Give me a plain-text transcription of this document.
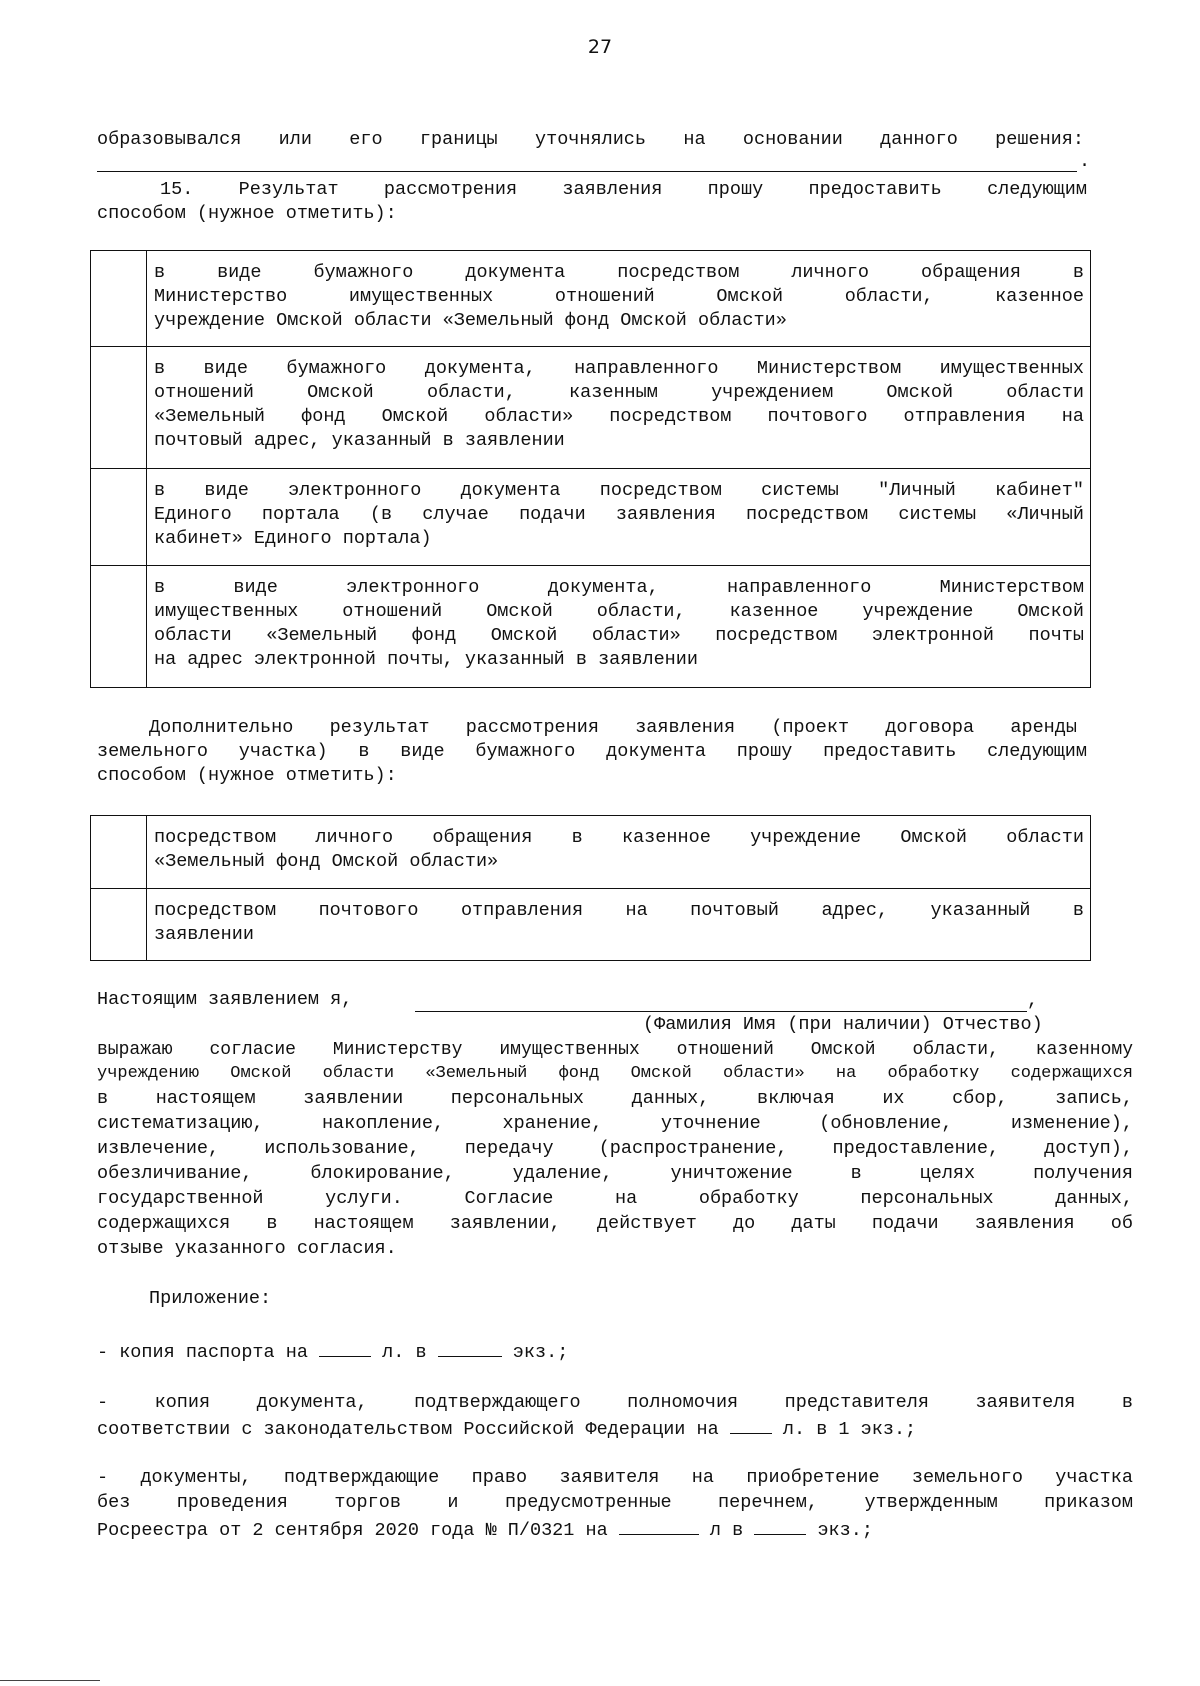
27
образовывался или его границы уточнялись на основании данного решения:
.
15. Результат рассмотрения заявления прошу предоставить следующим
способом (нужное отметить):

	в виде бумажного документа посредством личного обращения в
Министерство имущественных отношений Омской области, казенное
учреждение Омской области «Земельный фонд Омской области»

	в виде бумажного документа, направленного Министерством имущественных
отношений Омской области, казенным учреждением Омской области
«Земельный фонд Омской области» посредством почтового отправления на
почтовый адрес, указанный в заявлении

	в виде электронного документа посредством системы "Личный кабинет"
Единого портала (в случае подачи заявления посредством системы «Личный
кабинет» Единого портала)

	в виде электронного документа, направленного Министерством
имущественных отношений Омской области, казенное учреждение Омской
области «Земельный фонд Омской области» посредством электронной почты
на адрес электронной почты, указанный в заявлении
Дополнительно результат рассмотрения заявления (проект договора аренды
земельного участка) в виде бумажного документа прошу предоставить следующим
способом (нужное отметить):

	посредством личного обращения в казенное учреждение Омской области
«Земельный фонд Омской области»

	посредством почтового отправления на почтовый адрес, указанный в
заявлении
Настоящим заявлением я,	,
(Фамилия Имя (при наличии) Отчество)
выражаю согласие Министерству имущественных отношений Омской области, казенному
учреждению Омской области «Земельный фонд Омской области» на обработку содержащихся
в настоящем заявлении персональных данных, включая их сбор, запись,
систематизацию, накопление, хранение, уточнение (обновление, изменение),
извлечение, использование, передачу (распространение, предоставление, доступ),
обезличивание, блокирование, удаление, уничтожение в целях получения
государственной услуги. Согласие на обработку персональных данных,
содержащихся в настоящем заявлении, действует до даты подачи заявления об
отзыве указанного согласия.
Приложение:
- копия паспорта на	л. в	экз.;
- копия документа, подтверждающего полномочия представителя заявителя в
соответствии с законодательством Российской Федерации на	л. в 1 экз.;
- документы, подтверждающие право заявителя на приобретение земельного участка
без проведения торгов и предусмотренные перечнем, утвержденным приказом
Росреестра от 2 сентября 2020 года № П/0321 на	л в	экз.;
